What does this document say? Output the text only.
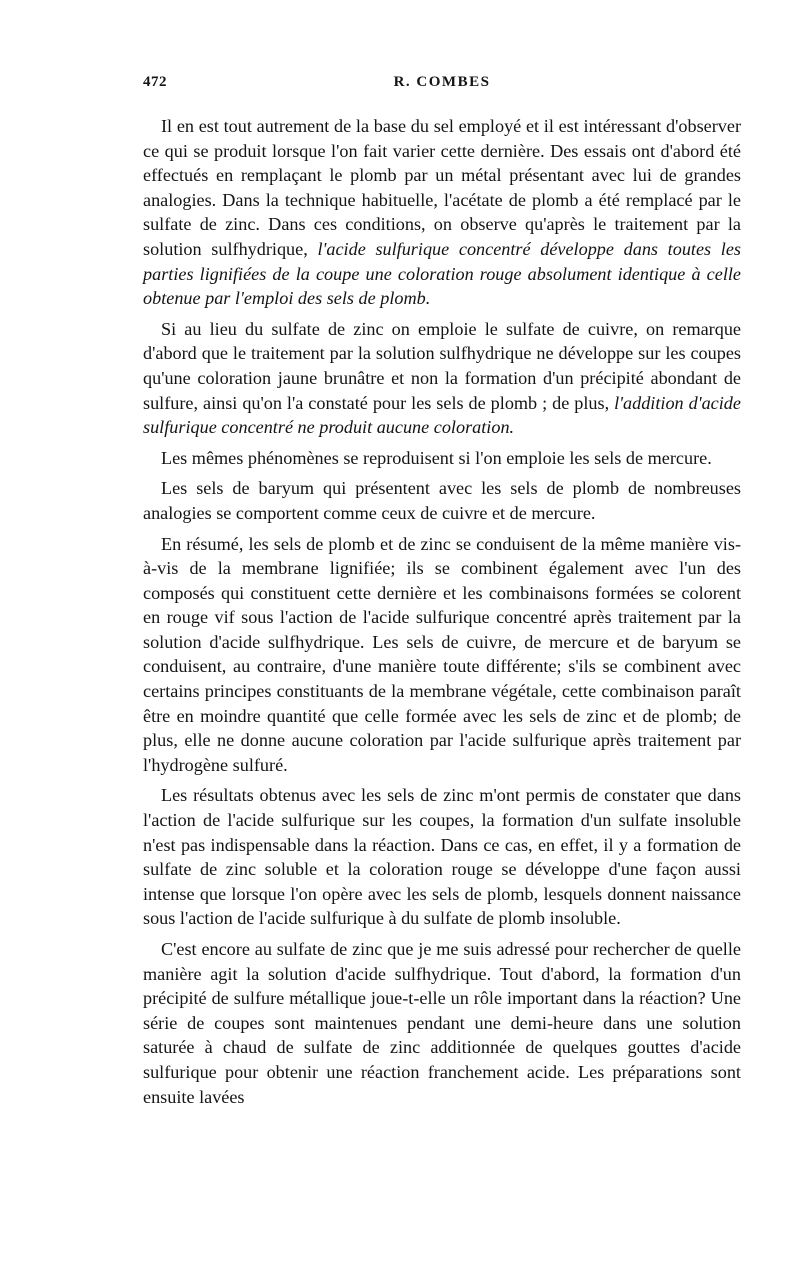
472	R. COMBES

Il en est tout autrement de la base du sel employé et il est intéressant d'observer ce qui se produit lorsque l'on fait varier cette dernière. Des essais ont d'abord été effectués en remplaçant le plomb par un métal présentant avec lui de grandes analogies. Dans la technique habituelle, l'acétate de plomb a été remplacé par le sulfate de zinc. Dans ces conditions, on observe qu'après le traitement par la solution sulfhydrique, l'acide sulfurique concentré développe dans toutes les parties lignifiées de la coupe une coloration rouge absolument identique à celle obtenue par l'emploi des sels de plomb.

Si au lieu du sulfate de zinc on emploie le sulfate de cuivre, on remarque d'abord que le traitement par la solution sulfhydrique ne développe sur les coupes qu'une coloration jaune brunâtre et non la formation d'un précipité abondant de sulfure, ainsi qu'on l'a constaté pour les sels de plomb ; de plus, l'addition d'acide sulfurique concentré ne produit aucune coloration.

Les mêmes phénomènes se reproduisent si l'on emploie les sels de mercure.

Les sels de baryum qui présentent avec les sels de plomb de nombreuses analogies se comportent comme ceux de cuivre et de mercure.

En résumé, les sels de plomb et de zinc se conduisent de la même manière vis-à-vis de la membrane lignifiée; ils se combinent également avec l'un des composés qui constituent cette dernière et les combinaisons formées se colorent en rouge vif sous l'action de l'acide sulfurique concentré après traitement par la solution d'acide sulfhydrique. Les sels de cuivre, de mercure et de baryum se conduisent, au contraire, d'une manière toute différente; s'ils se combinent avec certains principes constituants de la membrane végétale, cette combinaison paraît être en moindre quantité que celle formée avec les sels de zinc et de plomb; de plus, elle ne donne aucune coloration par l'acide sulfurique après traitement par l'hydrogène sulfuré.

Les résultats obtenus avec les sels de zinc m'ont permis de constater que dans l'action de l'acide sulfurique sur les coupes, la formation d'un sulfate insoluble n'est pas indispensable dans la réaction. Dans ce cas, en effet, il y a formation de sulfate de zinc soluble et la coloration rouge se développe d'une façon aussi intense que lorsque l'on opère avec les sels de plomb, lesquels donnent naissance sous l'action de l'acide sulfurique à du sulfate de plomb insoluble.

C'est encore au sulfate de zinc que je me suis adressé pour rechercher de quelle manière agit la solution d'acide sulfhydrique. Tout d'abord, la formation d'un précipité de sulfure métallique joue-t-elle un rôle important dans la réaction? Une série de coupes sont maintenues pendant une demi-heure dans une solution saturée à chaud de sulfate de zinc additionnée de quelques gouttes d'acide sulfurique pour obtenir une réaction franchement acide. Les préparations sont ensuite lavées
